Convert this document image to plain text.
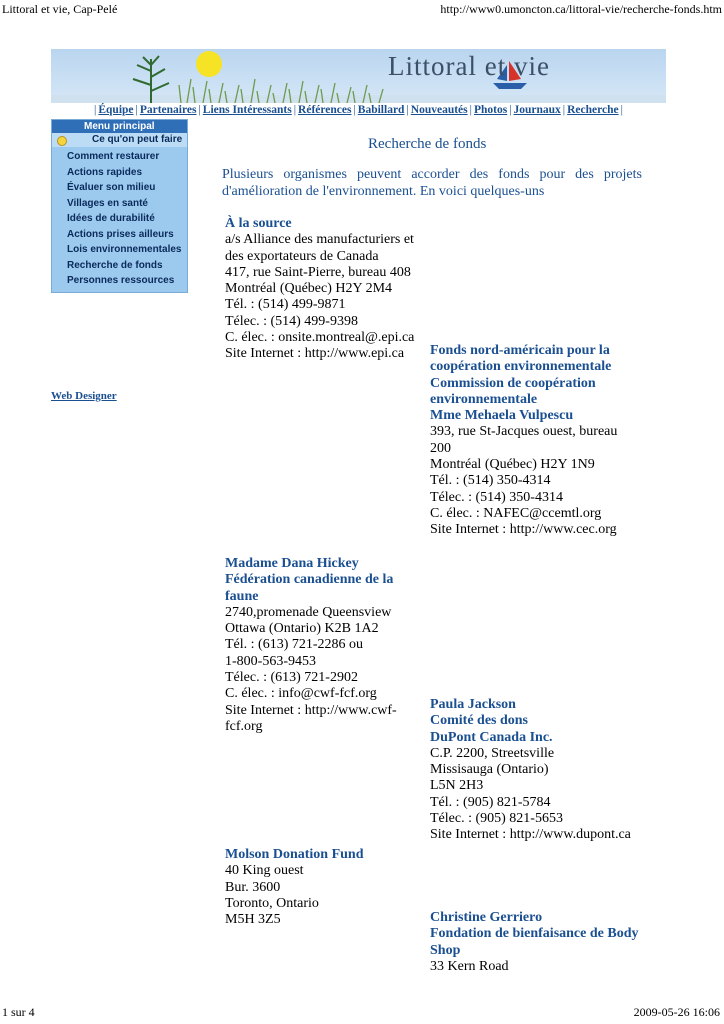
Littoral et vie, Cap-Pelé	http://www0.umoncton.ca/littoral-vie/recherche-fonds.htm
Littoral et vie
| Équipe | Partenaires | Liens Intéressants | Références | Babillard | Nouveautés | Photos | Journaux | Recherche |
Menu principal
Ce qu'on peut faire
Comment restaurer
Actions rapides
Évaluer son milieu
Villages en santé
Idées de durabilité
Actions prises ailleurs
Lois environnementales
Recherche de fonds
Personnes ressources
Web Designer
Recherche de fonds
Plusieurs organismes peuvent accorder des fonds pour des projets d'amélioration de l'environnement. En voici quelques-uns
À la source
a/s Alliance des manufacturiers et
des exportateurs de Canada
417, rue Saint-Pierre, bureau 408
Montréal (Québec) H2Y 2M4
Tél. : (514) 499-9871
Télec. : (514) 499-9398
C. élec. : onsite.montreal@.epi.ca
Site Internet : http://www.epi.ca	Fonds nord-américain pour la
coopération environnementale
Commission de coopération
environnementale
Mme Mehaela Vulpescu
393, rue St-Jacques ouest, bureau
200
Montréal (Québec) H2Y 1N9
Tél. : (514) 350-4314
Télec. : (514) 350-4314
C. élec. : NAFEC@ccemtl.org
Site Internet : http://www.cec.org
Madame Dana Hickey
Fédération canadienne de la
faune
2740,promenade Queensview
Ottawa (Ontario) K2B 1A2
Tél. : (613) 721-2286 ou
1-800-563-9453
Télec. : (613) 721-2902
C. élec. : info@cwf-fcf.org
Site Internet : http://www.cwf-
fcf.org
Paula Jackson
Comité des dons
DuPont Canada Inc.
C.P. 2200, Streetsville
Missisauga (Ontario)
L5N 2H3
Tél. : (905) 821-5784
Télec. : (905) 821-5653
Site Internet : http://www.dupont.ca
Molson Donation Fund
40 King ouest
Bur. 3600
Toronto, Ontario
M5H 3Z5	Christine Gerriero
Fondation de bienfaisance de Body
Shop
33 Kern Road
1 sur 4	2009-05-26 16:06
